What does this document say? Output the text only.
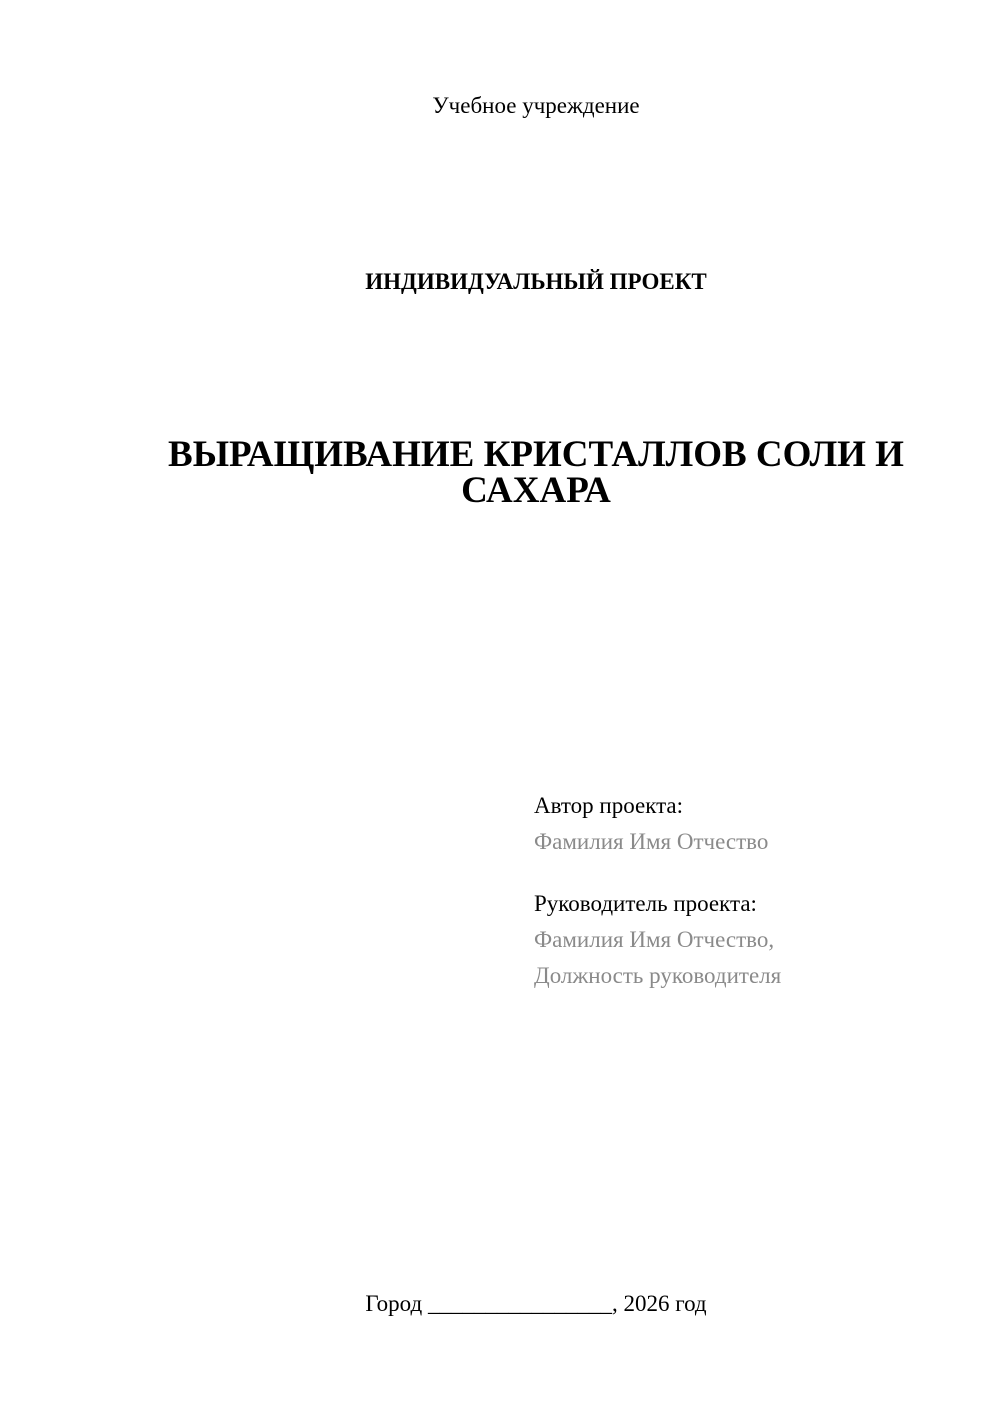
Учебное учреждение
ИНДИВИДУАЛЬНЫЙ ПРОЕКТ
ВЫРАЩИВАНИЕ КРИСТАЛЛОВ СОЛИ И
САХАРА
Автор проекта:
Фамилия Имя Отчество
Руководитель проекта:
Фамилия Имя Отчество,
Должность руководителя
Город ________________, 2026 год
